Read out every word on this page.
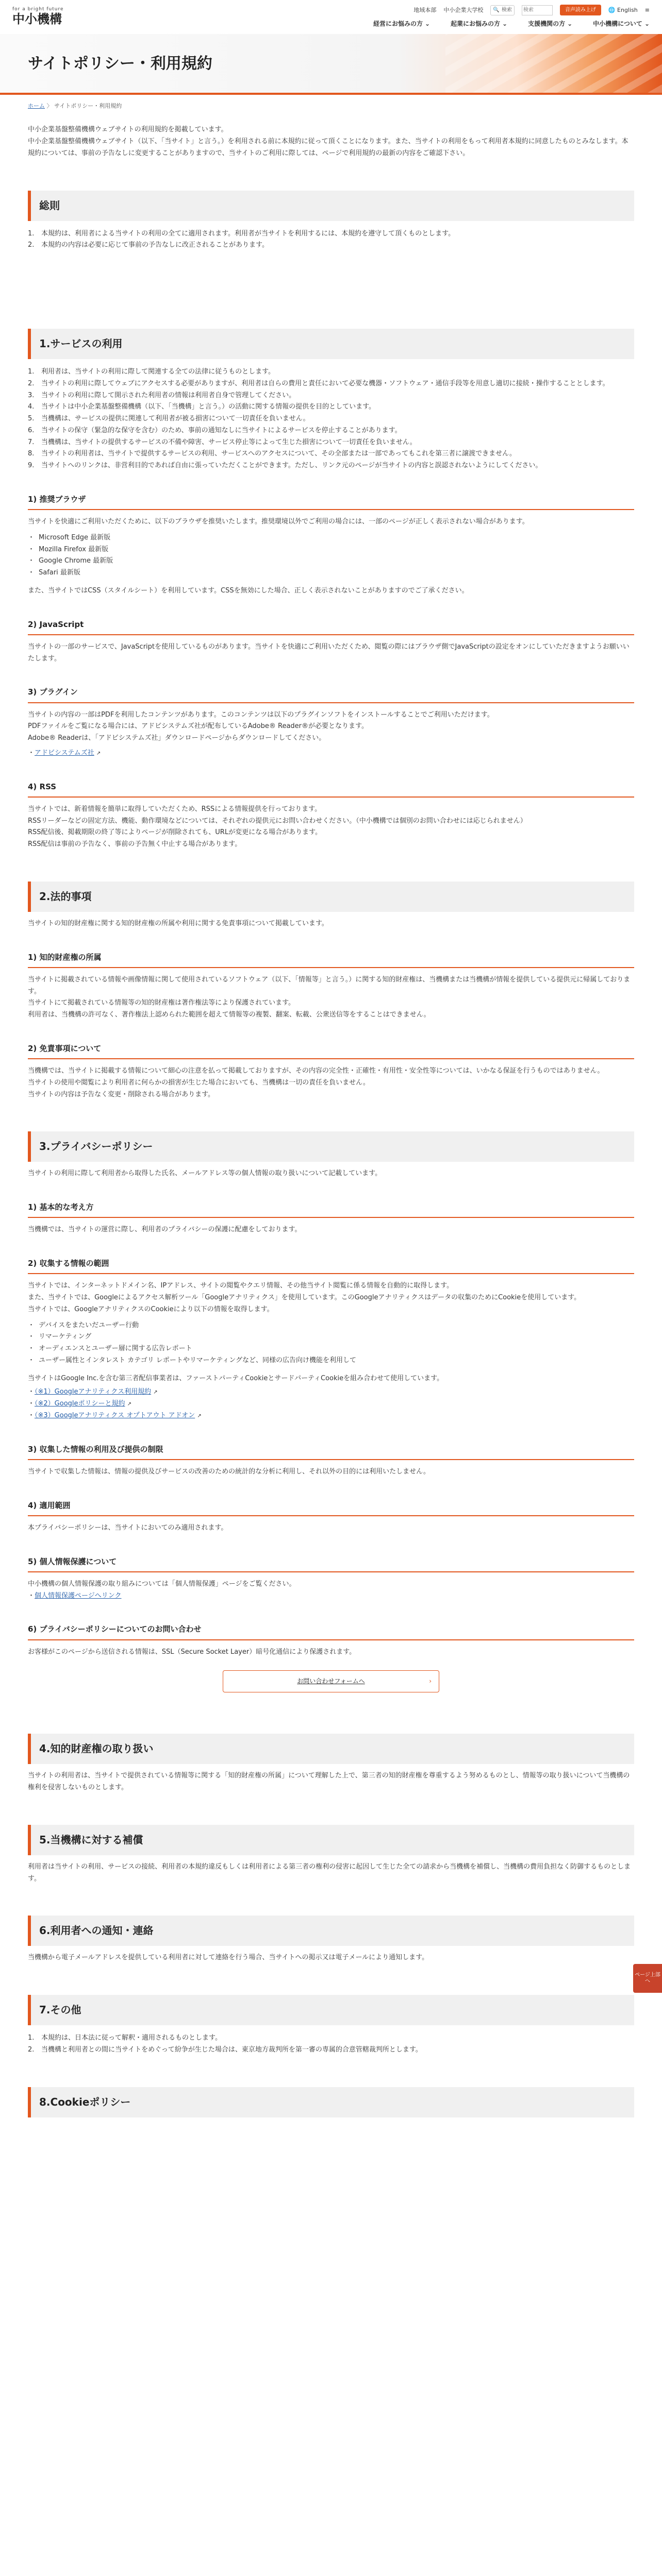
for a bright future
中小機構
地域本部 中小企業大学校 🔍 検索
検索	音声読み上げ	🌐 English ≡
経営にお悩みの方 ⌄	起業にお悩みの方 ⌄	支援機関の方 ⌄	中小機構について ⌄
サイトポリシー・利用規約
ホーム 〉 サイトポリシー・利用規約

中小企業基盤整備機構ウェブサイトの利用規約を掲載しています。

中小企業基盤整備機構ウェブサイト（以下、「当サイト」と言う。）を利用される前に本規約に従って頂くことになります。また、当サイトの利用をもって利用者本規約に同意したものとみなします。本規約については、事前の予告なしに変更することがありますので、当サイトのご利用に際しては、ページで利用規約の最新の内容をご確認下さい。

総則
1.	本規約は、利用者による当サイトの利用の全てに適用されます。利用者が当サイトを利用するには、本規約を遵守して頂くものとします。
2.	本規約の内容は必要に応じて事前の予告なしに改正されることがあります。
1.サービスの利用
1.	利用者は、当サイトの利用に際して関連する全ての法律に従うものとします。
2.	当サイトの利用に際してウェブにアクセスする必要がありますが、利用者は自らの費用と責任において必要な機器・ソフトウェア・通信手段等を用意し適切に接続・操作することとします。
3.	当サイトの利用に際して開示された利用者の情報は利用者自身で管理してください。
4.	当サイトは中小企業基盤整備機構（以下、「当機構」と言う。）の活動に関する情報の提供を目的としています。
5.	当機構は、サービスの提供に関連して利用者が被る損害について一切責任を負いません。
6.	当サイトの保守（緊急的な保守を含む）のため、事前の通知なしに当サイトによるサービスを停止することがあります。
7.	当機構は、当サイトの提供するサービスの不備や障害、サービス停止等によって生じた損害について一切責任を負いません。
8.	当サイトの利用者は、当サイトで提供するサービスの利用、サービスへのアクセスについて、その全部または一部であってもこれを第三者に譲渡できません。
9.	当サイトへのリンクは、非営利目的であれば自由に張っていただくことができます。ただし、リンク元のページが当サイトの内容と誤認されないようにしてください。
1) 推奨ブラウザ

当サイトを快適にご利用いただくために、以下のブラウザを推奨いたします。推奨環境以外でご利用の場合には、一部のページが正しく表示されない場合があります。

・ Microsoft Edge 最新版
・ Mozilla Firefox 最新版
・ Google Chrome 最新版
・ Safari 最新版

また、当サイトではCSS（スタイルシート）を利用しています。CSSを無効にした場合、正しく表示されないことがありますのでご了承ください。

2) JavaScript

当サイトの一部のサービスで、JavaScriptを使用しているものがあります。当サイトを快適にご利用いただくため、閲覧の際にはブラウザ側でJavaScriptの設定をオンにしていただきますようお願いいたします。

3) プラグイン

当サイトの内容の一部はPDFを利用したコンテンツがあります。このコンテンツは以下のプラグインソフトをインストールすることでご利用いただけます。

PDFファイルをご覧になる場合には、アドビシステムズ社が配布しているAdobe® Reader®が必要となります。

Adobe® Readerは、「アドビシステムズ社」ダウンロードページからダウンロードしてください。

・アドビシステムズ社 ↗

4) RSS

当サイトでは、新着情報を簡単に取得していただくため、RSSによる情報提供を行っております。

RSSリーダーなどの固定方法、機能、動作環境などについては、それぞれの提供元にお問い合わせください。（中小機構では個別のお問い合わせには応じられません）

RSS配信後、掲載期限の終了等によりページが削除されても、URLが変更になる場合があります。

RSS配信は事前の予告なく、事前の予告無く中止する場合があります。

2.法的事項

当サイトの知的財産権に関する知的財産権の所属や利用に関する免責事項について掲載しています。

1) 知的財産権の所属

当サイトに掲載されている情報や画像情報に関して使用されているソフトウェア（以下、「情報等」と言う。）に関する知的財産権は、当機構または当機構が情報を提供している提供元に帰属しております。

当サイトにて掲載されている情報等の知的財産権は著作権法等により保護されています。

利用者は、当機構の許可なく、著作権法上認められた範囲を超えて情報等の複製、翻案、転載、公衆送信等をすることはできません。

2) 免責事項について

当機構では、当サイトに掲載する情報について細心の注意を払って掲載しておりますが、その内容の完全性・正確性・有用性・安全性等については、いかなる保証を行うものではありません。

当サイトの使用や閲覧により利用者に何らかの損害が生じた場合においても、当機構は一切の責任を負いません。

当サイトの内容は予告なく変更・削除される場合があります。

3.プライバシーポリシー

当サイトの利用に際して利用者から取得した氏名、メールアドレス等の個人情報の取り扱いについて記載しています。

1) 基本的な考え方

当機構では、当サイトの運営に際し、利用者のプライバシーの保護に配慮をしております。

2) 収集する情報の範囲

当サイトでは、インターネットドメイン名、IPアドレス、サイトの閲覧やクエリ情報、その他当サイト閲覧に係る情報を自動的に取得します。

また、当サイトでは、Googleによるアクセス解析ツール「Googleアナリティクス」を使用しています。このGoogleアナリティクスはデータの収集のためにCookieを使用しています。

当サイトでは、GoogleアナリティクスのCookieにより以下の情報を取得します。

・ デバイスをまたいだユーザー行動
・ リマーケティング
・ オーディエンスとユーザー層に関する広告レポート
・ ユーザー属性とインタレスト カテゴリ レポートやリマーケティングなど、同様の広告向け機能を利用して

当サイトはGoogle Inc.を含む第三者配信事業者は、ファーストパーティCookieとサードパーティCookieを組み合わせて使用しています。

・（※1）Googleアナリティクス利用規約 ↗

・（※2）Googleポリシーと規約 ↗

・（※3）Googleアナリティクス オプトアウト アドオン ↗

3) 収集した情報の利用及び提供の制限

当サイトで収集した情報は、情報の提供及びサービスの改善のための統計的な分析に利用し、それ以外の目的には利用いたしません。

4) 適用範囲

本プライバシーポリシーは、当サイトにおいてのみ適用されます。

5) 個人情報保護について

中小機構の個人情報保護の取り組みについては「個人情報保護」ページをご覧ください。

・個人情報保護ページへリンク

6) プライバシーポリシーについてのお問い合わせ

お客様がこのページから送信される情報は、SSL（Secure Socket Layer）暗号化通信により保護されます。

お問い合わせフォームへ ›
4.知的財産権の取り扱い

当サイトの利用者は、当サイトで提供されている情報等に関する「知的財産権の所属」について理解した上で、第三者の知的財産権を尊重するよう努めるものとし、情報等の取り扱いについて当機構の権利を侵害しないものとします。

5.当機構に対する補償

利用者は当サイトの利用、サービスの接続、利用者の本規約違反もしくは利用者による第三者の権利の侵害に起因して生じた全ての請求から当機構を補償し、当機構の費用負担なく防御するものとします。

6.利用者への通知・連絡

当機構から電子メールアドレスを提供している利用者に対して連絡を行う場合、当サイトへの掲示又は電子メールにより通知します。

7.その他
1.	本規約は、日本法に従って解釈・適用されるものとします。
2.	当機構と利用者との間に当サイトをめぐって紛争が生じた場合は、東京地方裁判所を第一審の専属的合意管轄裁判所とします。
8.Cookieポリシー
ページ上部へ
